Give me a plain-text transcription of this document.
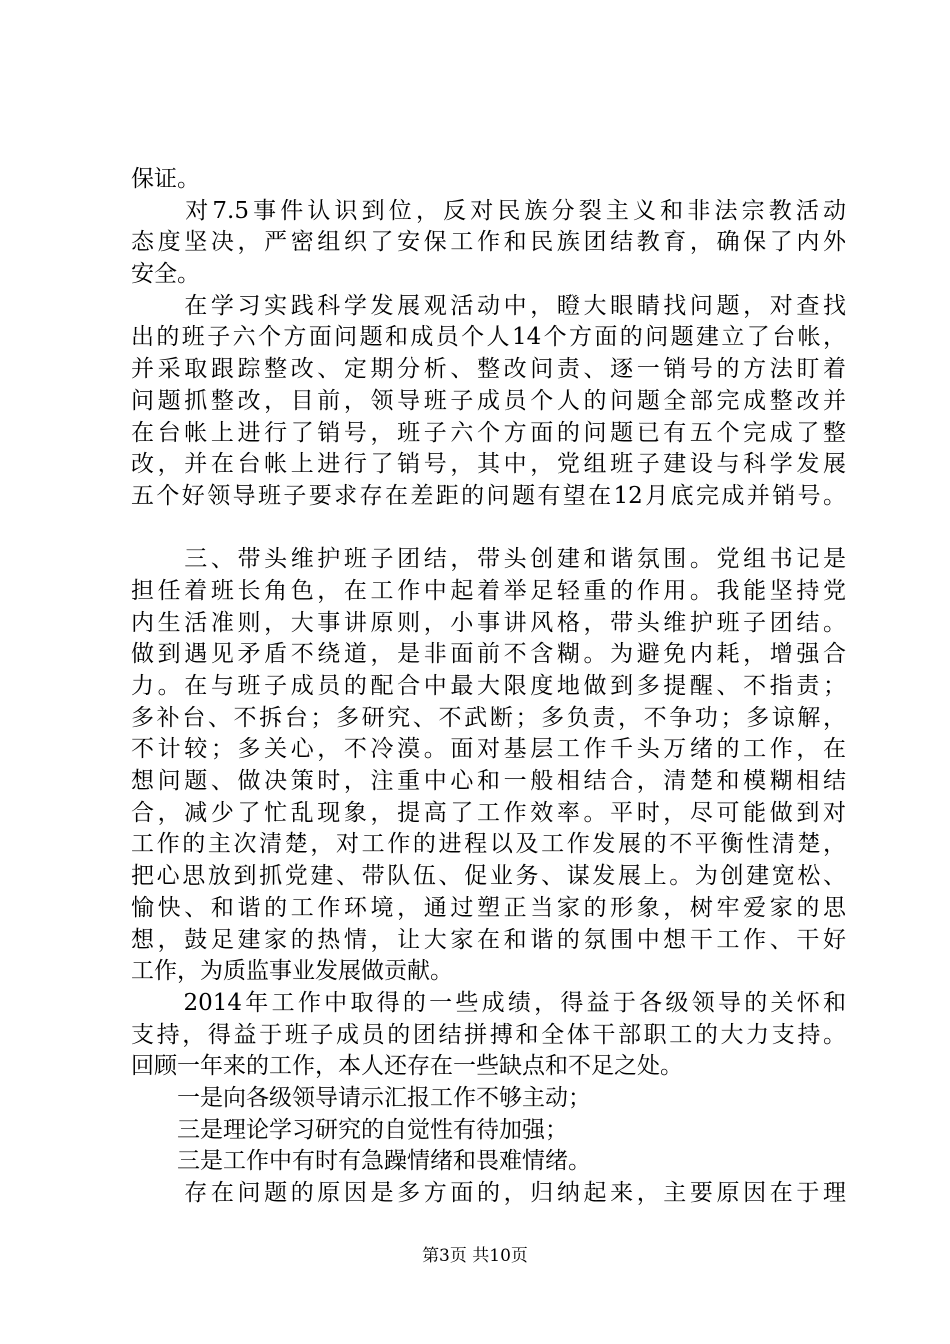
保证。
　　对7.5事件认识到位，反对民族分裂主义和非法宗教活动
态度坚决，严密组织了安保工作和民族团结教育，确保了内外
安全。
　　在学习实践科学发展观活动中，瞪大眼睛找问题，对查找
出的班子六个方面问题和成员个人14个方面的问题建立了台帐，
并采取跟踪整改、定期分析、整改问责、逐一销号的方法盯着
问题抓整改，目前，领导班子成员个人的问题全部完成整改并
在台帐上进行了销号，班子六个方面的问题已有五个完成了整
改，并在台帐上进行了销号，其中，党组班子建设与科学发展
五个好领导班子要求存在差距的问题有望在12月底完成并销号。
　　三、带头维护班子团结，带头创建和谐氛围。党组书记是
担任着班长角色，在工作中起着举足轻重的作用。我能坚持党
内生活准则，大事讲原则，小事讲风格，带头维护班子团结。
做到遇见矛盾不绕道，是非面前不含糊。为避免内耗，增强合
力。在与班子成员的配合中最大限度地做到多提醒、不指责；
多补台、不拆台；多研究、不武断；多负责，不争功；多谅解，
不计较；多关心，不冷漠。面对基层工作千头万绪的工作，在
想问题、做决策时，注重中心和一般相结合，清楚和模糊相结
合，减少了忙乱现象，提高了工作效率。平时，尽可能做到对
工作的主次清楚，对工作的进程以及工作发展的不平衡性清楚，
把心思放到抓党建、带队伍、促业务、谋发展上。为创建宽松、
愉快、和谐的工作环境，通过塑正当家的形象，树牢爱家的思
想，鼓足建家的热情，让大家在和谐的氛围中想干工作、干好
工作，为质监事业发展做贡献。
　　2014年工作中取得的一些成绩，得益于各级领导的关怀和
支持，得益于班子成员的团结拼搏和全体干部职工的大力支持。
回顾一年来的工作，本人还存在一些缺点和不足之处。
　　一是向各级领导请示汇报工作不够主动；
　　三是理论学习研究的自觉性有待加强；
　　三是工作中有时有急躁情绪和畏难情绪。
　　存在问题的原因是多方面的，归纳起来，主要原因在于理
第3页 共10页
